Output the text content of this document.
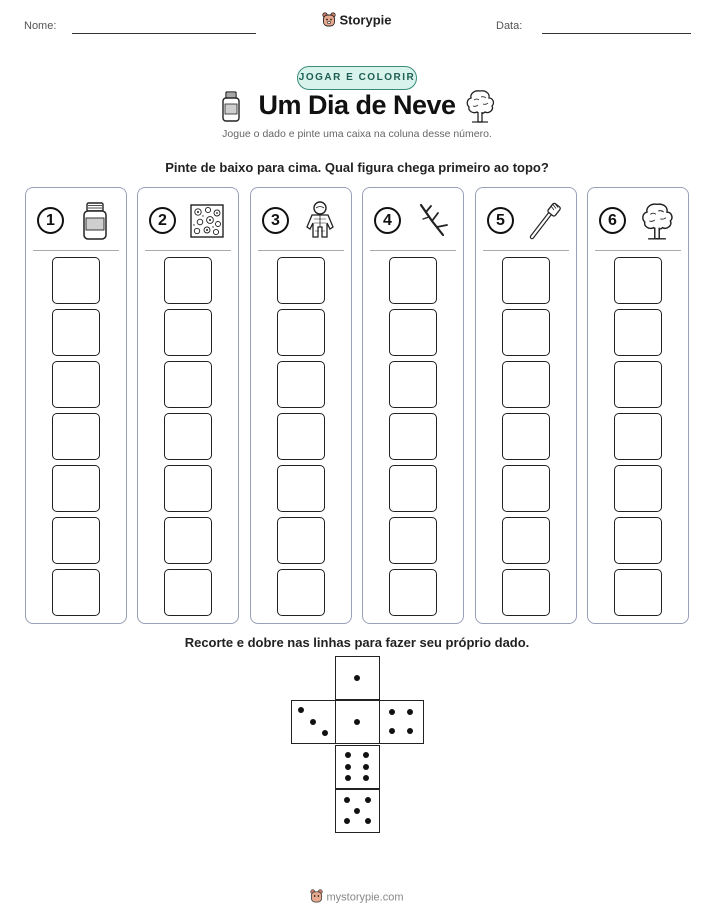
Nome:	Storypie	Data:
JOGAR E COLORIR
Um Dia de Neve
Jogue o dado e pinte uma caixa na coluna desse número.
Pinte de baixo para cima. Qual figura chega primeiro ao topo?
1	2	3	4	5	6
Recorte e dobre nas linhas para fazer seu próprio dado.
mystorypie.com
